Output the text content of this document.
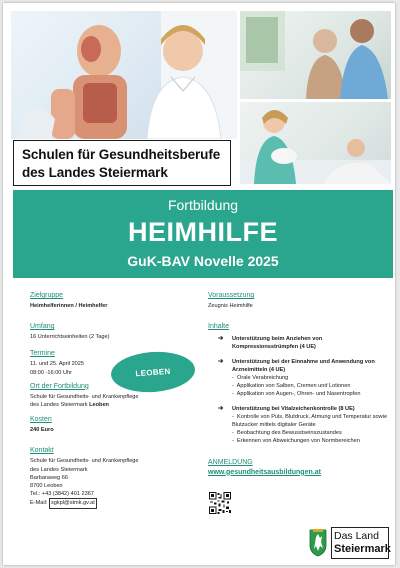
Schulen für Gesundheitsberufe
des Landes Steiermark
Fortbildung
HEIMHILFE
GuK-BAV Novelle 2025
Zielgruppe
Heimhelferinnen / Heimhelfer
Umfang
16 Unterrichtseinheiten (2 Tage)
Termine
11. und 25. April 2025
08:00 -16:00 Uhr
Ort der Fortbildung
Schule für Gesundheits- und Krankenpflege
des Landes Steiermark Leoben
Kosten
240 Euro
Kontakt
Schule für Gesundheits- und Krankenpflege
des Landes Steiermark
Barbaraweg 66
8700 Leoben
Tel.: +43 (3842) 401 2367
E-Mail: sgkpl@stmk.gv.at
LEOBEN
Voraussetzung
Zeugnis Heimhilfe
Inhalte
➔	Unterstützung beim Anziehen von Kompressionsstrümpfen (4 UE)
➔	Unterstützung bei der Einnahme und Anwendung von Arzneimitteln (4 UE)
-  Orale Verabreichung
-  Applikation von Salben, Cremen und Lotionen
-  Applikation von Augen-, Ohren- und Nasentropfen
➔	Unterstützung bei Vitalzeichenkontrolle (8 UE)
-  Kontrolle von Puls, Blutdruck, Atmung und Temperatur sowie Blutzucker mittels digitaler Geräte
-  Beobachtung des Bewusstseinszustandes
-  Erkennen von Abweichungen von Normbereichen
ANMELDUNG
www.gesundheitsausbildungen.at
Das Land
Steiermark
